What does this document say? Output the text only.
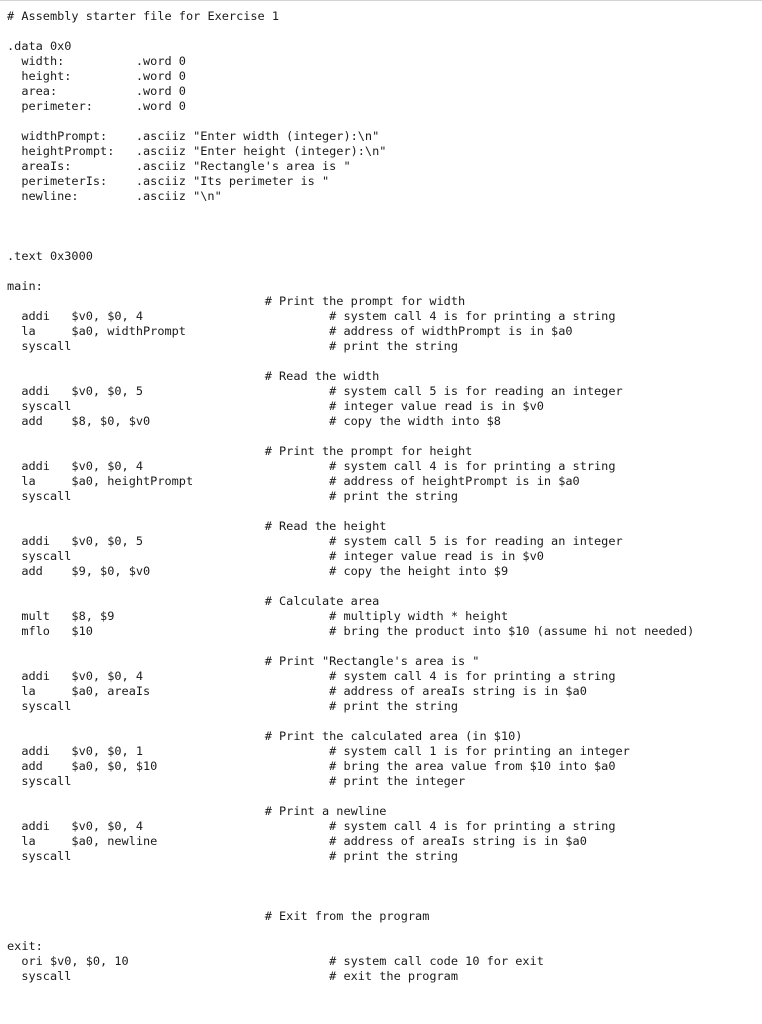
# Assembly starter file for Exercise 1
.data 0x0
width:	.word 0
height:	.word 0
area:	.word 0
perimeter:	.word 0
widthPrompt: .asciiz "Enter width (integer):\n"
heightPrompt: .asciiz "Enter height (integer):\n"
areaIs:	.asciiz "Rectangle's area is "
perimeterIs: .asciiz "Its perimeter is "
newline:	.asciiz "\n"
.text 0x3000
main:
# Print the prompt for width
addi $v0, $0, 4	# system call 4 is for printing a string
la	$a0, widthPrompt	# address of widthPrompt is in $a0
syscall	# print the string
# Read the width
addi $v0, $0, 5	# system call 5 is for reading an integer
syscall	# integer value read is in $v0
add $8, $0, $v0	# copy the width into $8
# Print the prompt for height
addi $v0, $0, 4	# system call 4 is for printing a string
la	$a0, heightPrompt	# address of heightPrompt is in $a0
syscall	# print the string
# Read the height
addi $v0, $0, 5	# system call 5 is for reading an integer
syscall	# integer value read is in $v0
add $9, $0, $v0	# copy the height into $9
# Calculate area
mult $8, $9	# multiply width * height
mflo $10	# bring the product into $10 (assume hi not needed)
# Print "Rectangle's area is "
addi $v0, $0, 4	# system call 4 is for printing a string
la	$a0, areaIs	# address of areaIs string is in $a0
syscall	# print the string
# Print the calculated area (in $10)
addi $v0, $0, 1	# system call 1 is for printing an integer
add $a0, $0, $10	# bring the area value from $10 into $a0
syscall	# print the integer
# Print a newline
addi $v0, $0, 4	# system call 4 is for printing a string
la	$a0, newline	# address of areaIs string is in $a0
syscall	# print the string
# Exit from the program
exit:
ori $v0, $0, 10	# system call code 10 for exit
syscall	# exit the program
